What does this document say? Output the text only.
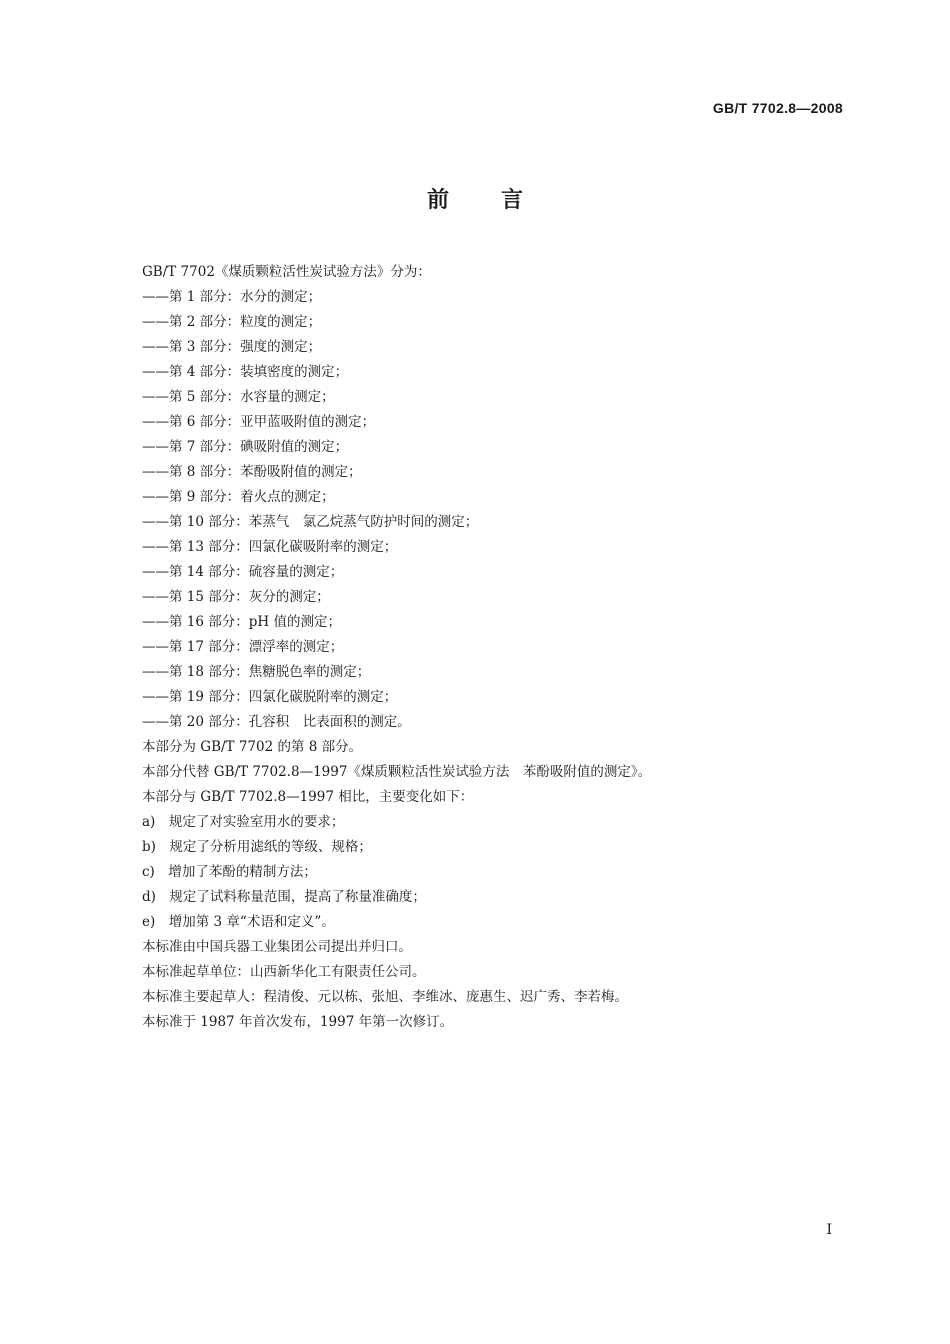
GB/T 7702.8—2008
前言
GB/T 7702《煤质颗粒活性炭试验方法》分为：
——第 1 部分：水分的测定；
——第 2 部分：粒度的测定；
——第 3 部分：强度的测定；
——第 4 部分：装填密度的测定；
——第 5 部分：水容量的测定；
——第 6 部分：亚甲蓝吸附值的测定；
——第 7 部分：碘吸附值的测定；
——第 8 部分：苯酚吸附值的测定；
——第 9 部分：着火点的测定；
——第 10 部分：苯蒸气　氯乙烷蒸气防护时间的测定；
——第 13 部分：四氯化碳吸附率的测定；
——第 14 部分：硫容量的测定；
——第 15 部分：灰分的测定；
——第 16 部分：pH 值的测定；
——第 17 部分：漂浮率的测定；
——第 18 部分：焦糖脱色率的测定；
——第 19 部分：四氯化碳脱附率的测定；
——第 20 部分：孔容积　比表面积的测定。
本部分为 GB/T 7702 的第 8 部分。
本部分代替 GB/T 7702.8—1997《煤质颗粒活性炭试验方法　苯酚吸附值的测定》。
本部分与 GB/T 7702.8—1997 相比，主要变化如下：
a)　规定了对实验室用水的要求；
b)　规定了分析用滤纸的等级、规格；
c)　增加了苯酚的精制方法；
d)　规定了试料称量范围，提高了称量准确度；
e)　增加第 3 章“术语和定义”。
本标准由中国兵器工业集团公司提出并归口。
本标准起草单位：山西新华化工有限责任公司。
本标准主要起草人：程清俊、元以栋、张旭、李维冰、庞惠生、迟广秀、李若梅。
本标准于 1987 年首次发布，1997 年第一次修订。
I
